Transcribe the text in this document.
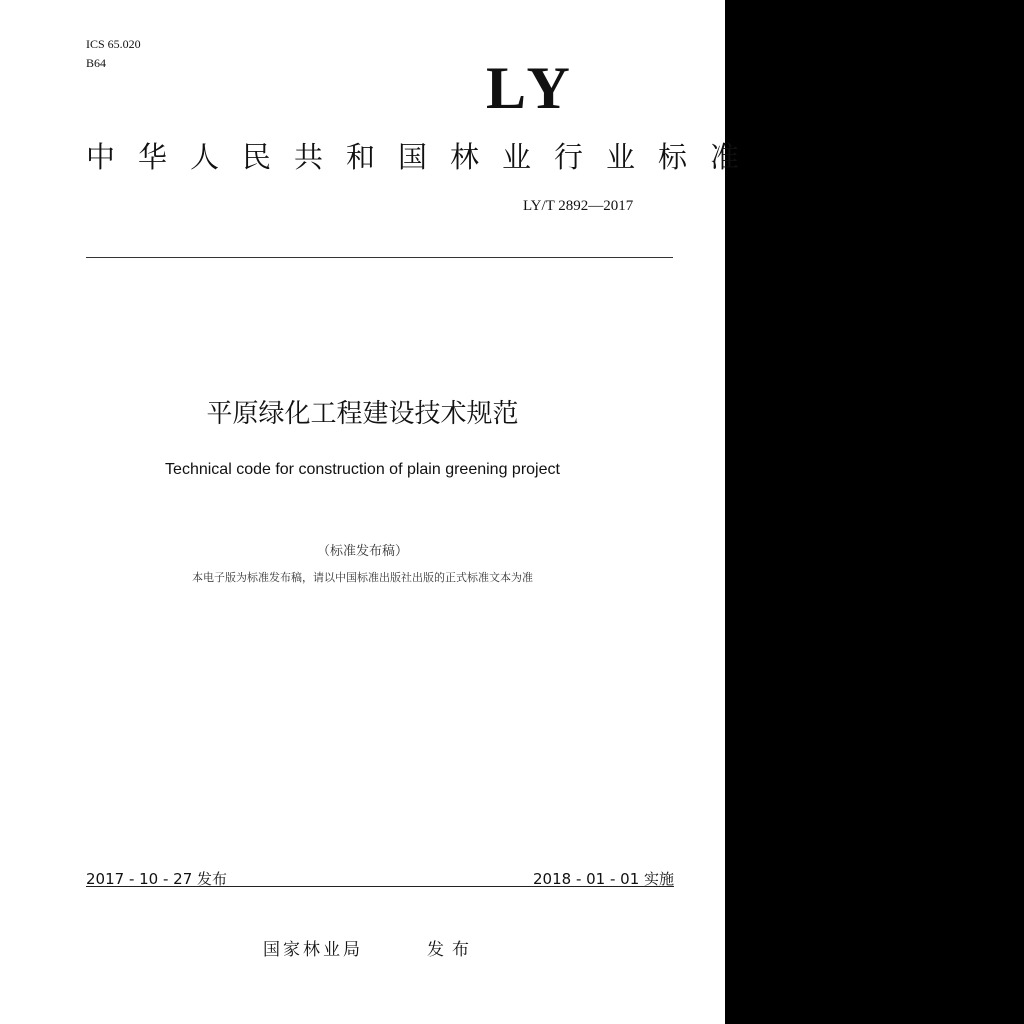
ICS 65.020
B64	LY
中华人民共和国林业行业标准
LY/T 2892—2017
平原绿化工程建设技术规范
Technical code for construction of plain greening project
（标准发布稿）
本电子版为标准发布稿，请以中国标准出版社出版的正式标准文本为准
2017 - 10 - 27 发布	2018 - 01 - 01 实施
国家林业局	发布
